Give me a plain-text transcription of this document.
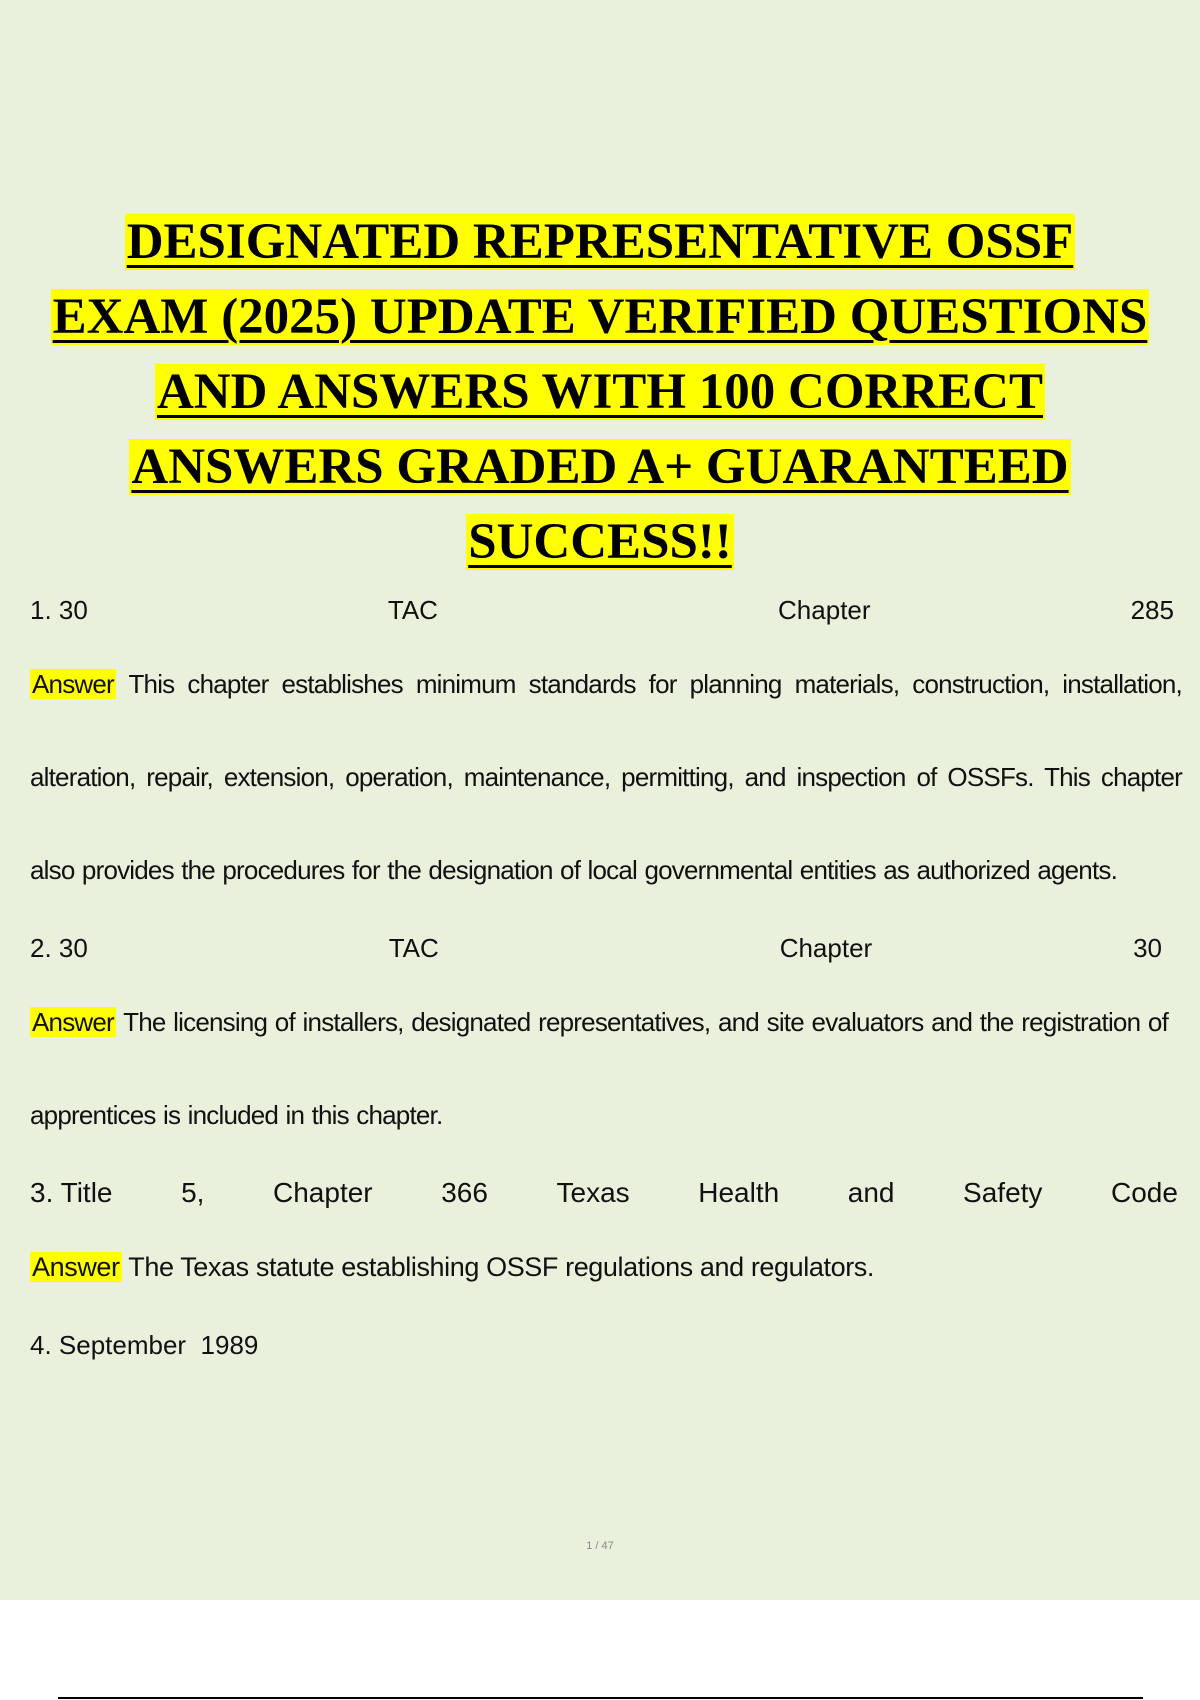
DESIGNATED REPRESENTATIVE OSSF
EXAM (2025) UPDATE VERIFIED QUESTIONS
AND ANSWERS WITH 100 CORRECT
ANSWERS GRADED A+ GUARANTEED
SUCCESS!!
1. 30	TAC	Chapter	285
Answer This chapter establishes minimum standards for planning materials, construction, installation, alteration, repair, extension, operation, maintenance, permitting, and inspection of OSSFs. This chapter also provides the procedures for the designation of local governmental entities as authorized agents.
2. 30	TAC	Chapter	30
Answer The licensing of installers, designated representatives, and site evaluators and the registration of apprentices is included in this chapter.
3. Title 5, Chapter 366 Texas Health and Safety Code
Answer The Texas statute establishing OSSF regulations and regulators.
4. September  1989
1 / 47
